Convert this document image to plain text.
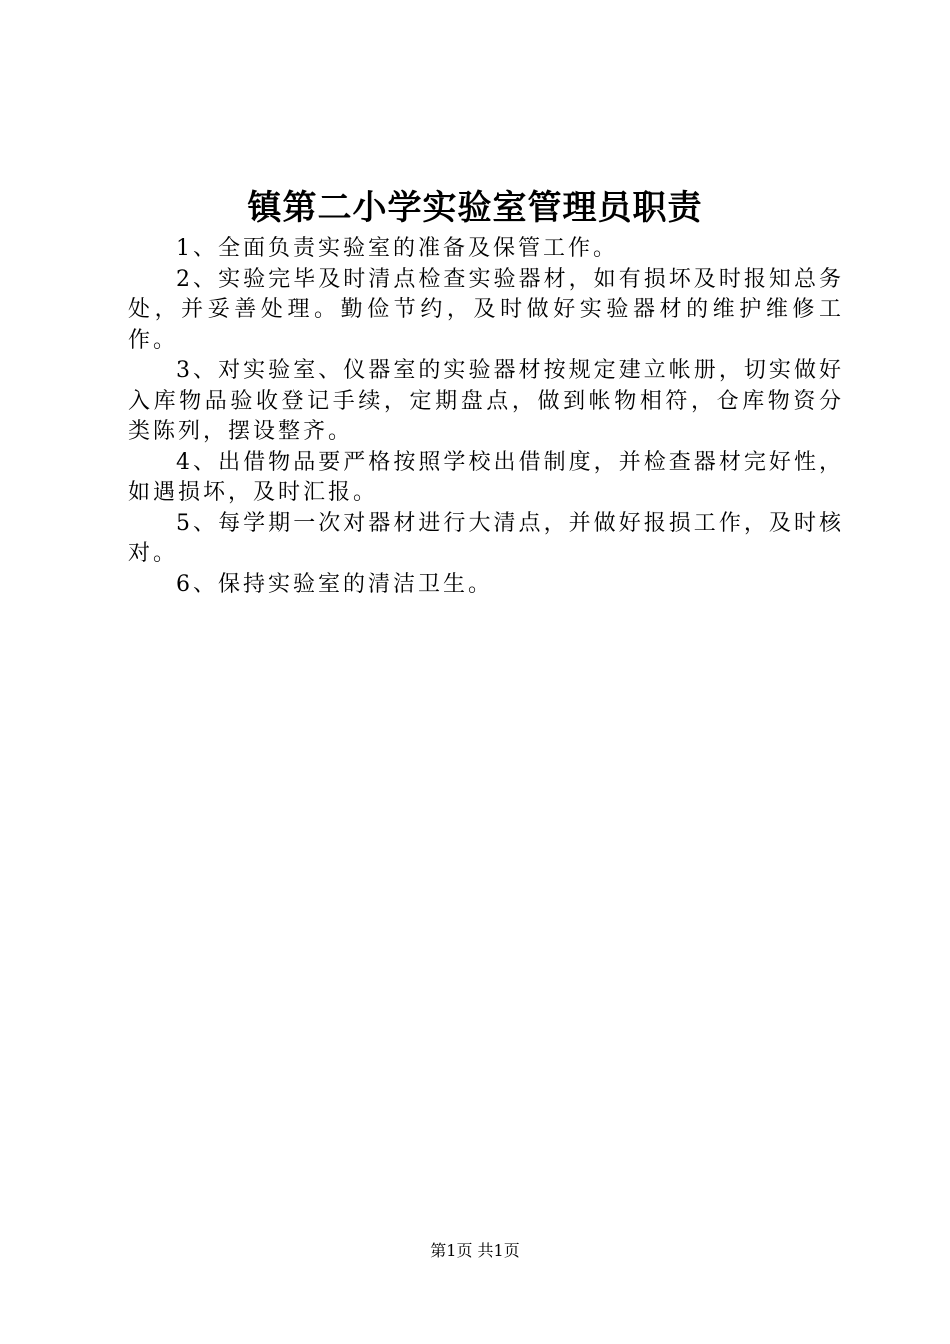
镇第二小学实验室管理员职责

1、全面负责实验室的准备及保管工作。

2、实验完毕及时清点检查实验器材，如有损坏及时报知总务处，并妥善处理。勤俭节约，及时做好实验器材的维护维修工作。

3、对实验室、仪器室的实验器材按规定建立帐册，切实做好入库物品验收登记手续，定期盘点，做到帐物相符，仓库物资分类陈列，摆设整齐。

4、出借物品要严格按照学校出借制度，并检查器材完好性，如遇损坏，及时汇报。

5、每学期一次对器材进行大清点，并做好报损工作，及时核对。

6、保持实验室的清洁卫生。

第1页 共1页
